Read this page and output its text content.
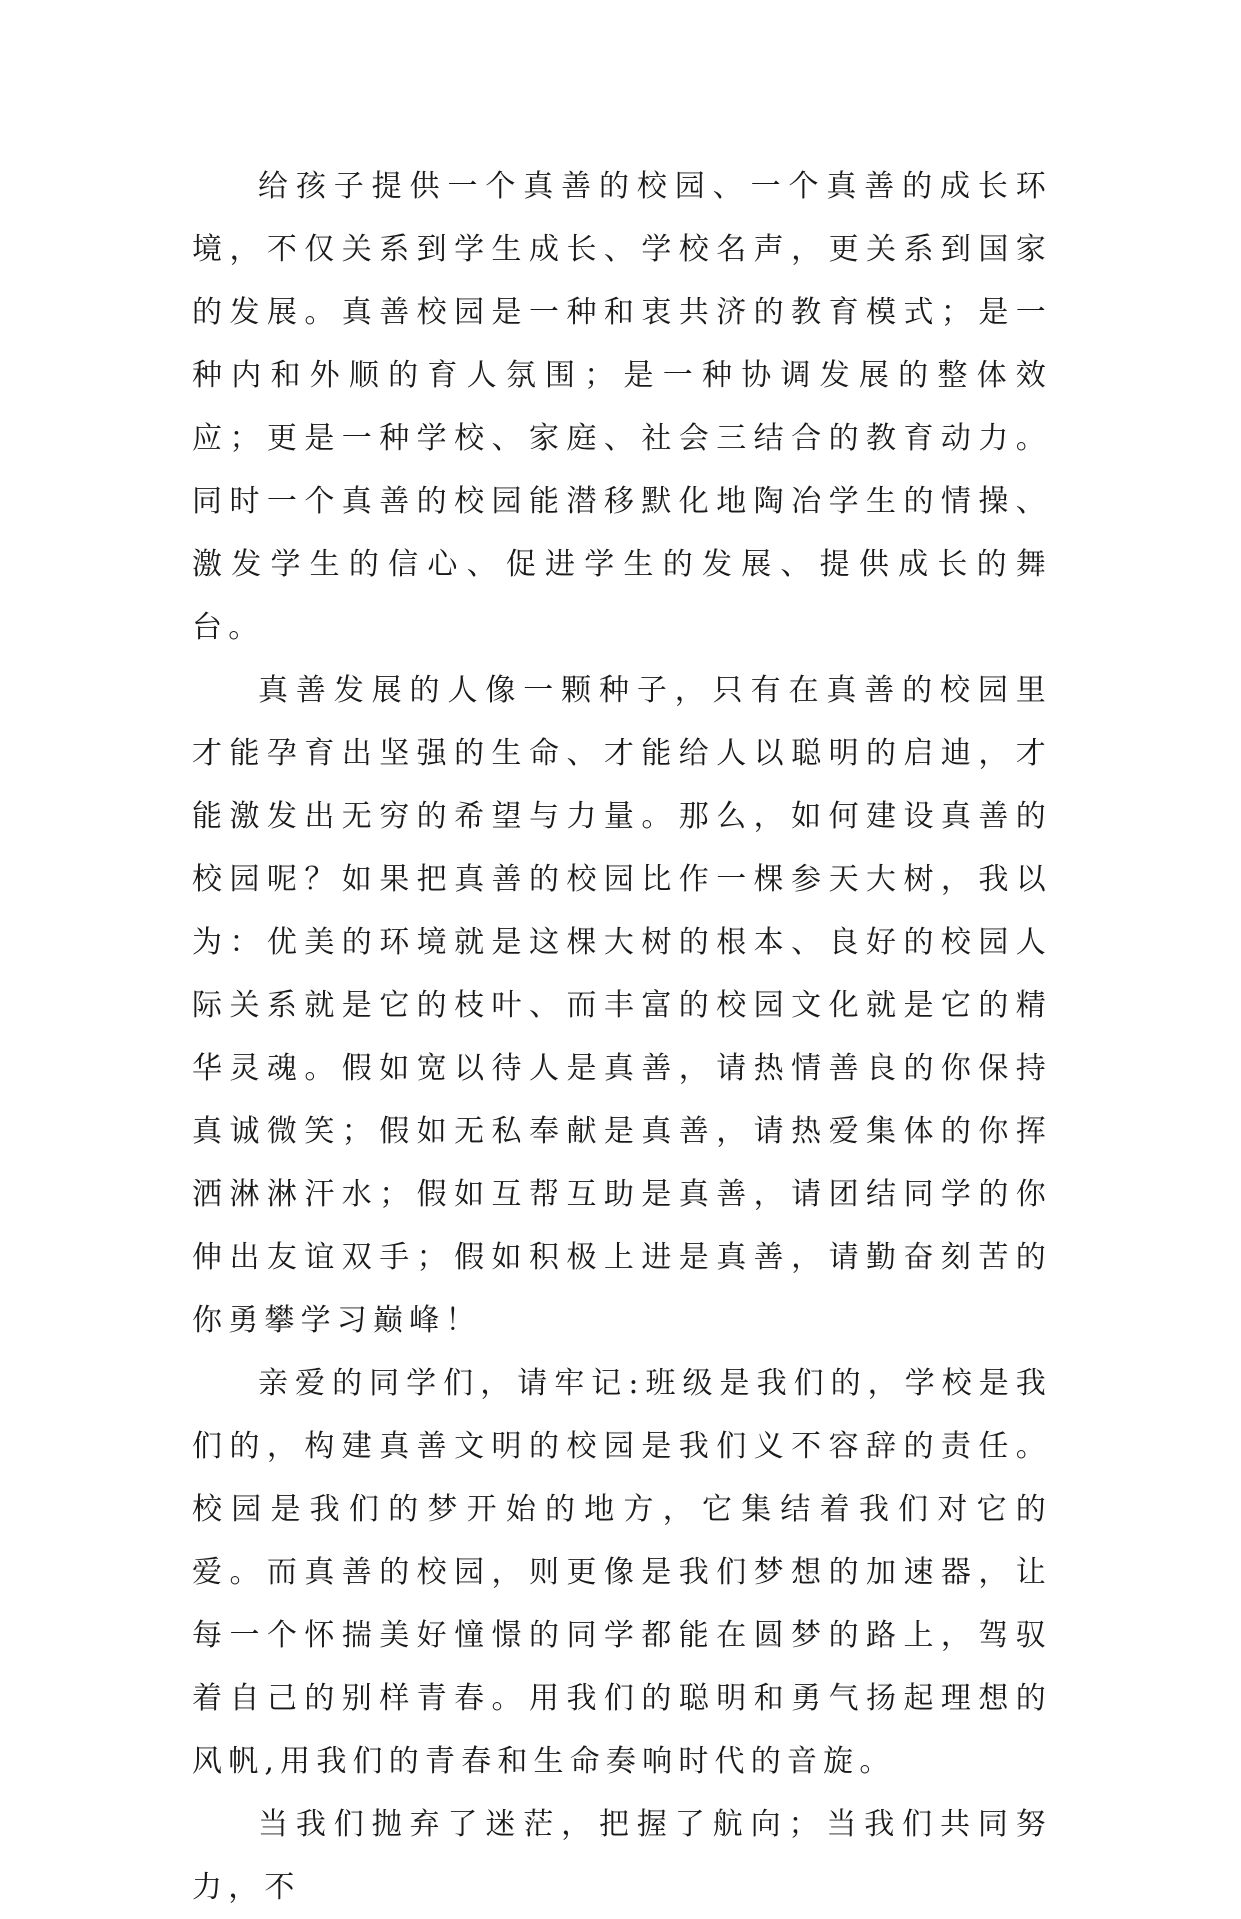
给孩子提供一个真善的校园、一个真善的成长环境，不仅关系到学生成长、学校名声，更关系到国家的发展。真善校园是一种和衷共济的教育模式；是一种内和外顺的育人氛围；是一种协调发展的整体效应；更是一种学校、家庭、社会三结合的教育动力。同时一个真善的校园能潜移默化地陶冶学生的情操、激发学生的信心、促进学生的发展、提供成长的舞台。

真善发展的人像一颗种子，只有在真善的校园里才能孕育出坚强的生命、才能给人以聪明的启迪，才能激发出无穷的希望与力量。那么，如何建设真善的校园呢？如果把真善的校园比作一棵参天大树，我以为：优美的环境就是这棵大树的根本、良好的校园人际关系就是它的枝叶、而丰富的校园文化就是它的精华灵魂。假如宽以待人是真善，请热情善良的你保持真诚微笑；假如无私奉献是真善，请热爱集体的你挥洒淋淋汗水；假如互帮互助是真善，请团结同学的你伸出友谊双手；假如积极上进是真善，请勤奋刻苦的你勇攀学习巅峰！

亲爱的同学们，请牢记:班级是我们的，学校是我们的，构建真善文明的校园是我们义不容辞的责任。校园是我们的梦开始的地方，它集结着我们对它的爱。而真善的校园，则更像是我们梦想的加速器，让每一个怀揣美好憧憬的同学都能在圆梦的路上，驾驭着自己的别样青春。用我们的聪明和勇气扬起理想的风帆,用我们的青春和生命奏响时代的音旋。

当我们抛弃了迷茫，把握了航向；当我们共同努力，不
